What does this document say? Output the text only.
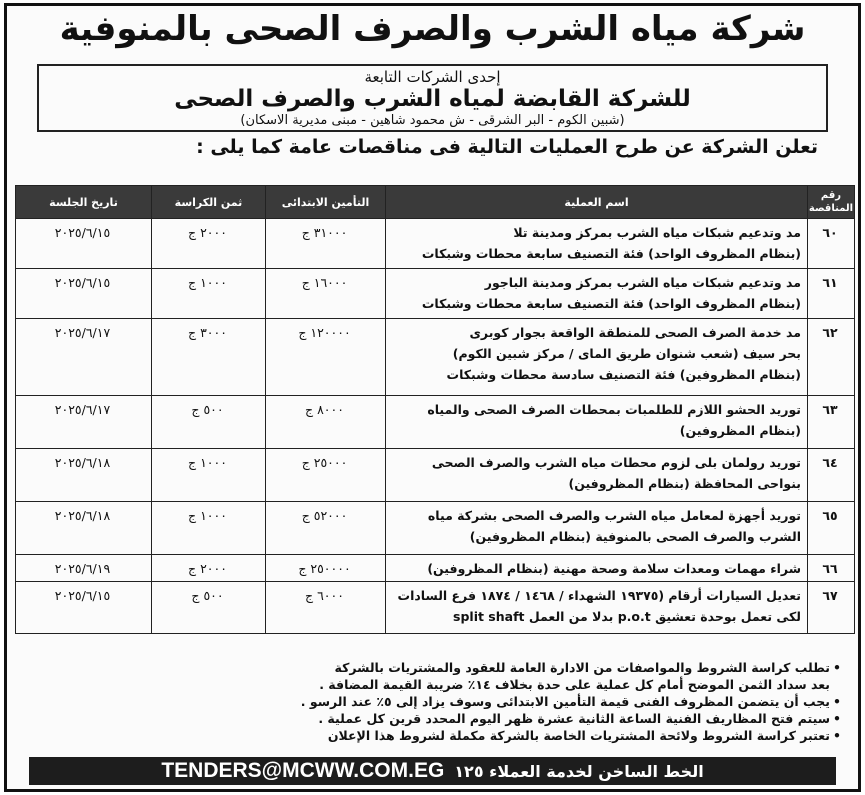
شركة مياه الشرب والصرف الصحى بالمنوفية
إحدى الشركات التابعة
للشركة القابضة لمياه الشرب والصرف الصحى
(شبين الكوم - البر الشرقى - ش محمود شاهين - مبنى مديرية الاسكان)
تعلن الشركة عن طرح العمليات التالية فى مناقصات عامة كما يلى :
رقم المناقصة	اسم العملية	التأمين الابتدائى	ثمن الكراسة	تاريخ الجلسة
٦٠	مد وتدعيم شبكات مياه الشرب بمركز ومدينة تلا
(بنظام المظروف الواحد) فئة التصنيف سابعة محطات وشبكات	٣١٠٠٠ ج	٢٠٠٠ ج	٢٠٢٥/٦/١٥
٦١	مد وتدعيم شبكات مياه الشرب بمركز ومدينة الباجور
(بنظام المظروف الواحد) فئة التصنيف سابعة محطات وشبكات	١٦٠٠٠ ج	١٠٠٠ ج	٢٠٢٥/٦/١٥
٦٢	مد خدمة الصرف الصحى للمنطقة الواقعة بجوار كوبرى
بحر سيف (شعب شنوان طريق الماى / مركز شبين الكوم)
(بنظام المظروفين) فئة التصنيف سادسة محطات وشبكات	١٢٠٠٠٠ ج	٣٠٠٠ ج	٢٠٢٥/٦/١٧
٦٣	توريد الحشو اللازم للطلمبات بمحطات الصرف الصحى والمياه
(بنظام المظروفين)	٨٠٠٠ ج	٥٠٠ ج	٢٠٢٥/٦/١٧
٦٤	توريد رولمان بلى لزوم محطات مياه الشرب والصرف الصحى
بنواحى المحافظة (بنظام المظروفين)	٢٥٠٠٠ ج	١٠٠٠ ج	٢٠٢٥/٦/١٨
٦٥	توريد أجهزة لمعامل مياه الشرب والصرف الصحى بشركة مياه
الشرب والصرف الصحى بالمنوفية (بنظام المظروفين)	٥٢٠٠٠ ج	١٠٠٠ ج	٢٠٢٥/٦/١٨
٦٦	شراء مهمات ومعدات سلامة وصحة مهنية (بنظام المظروفين)	٢٥٠٠٠٠ ج	٢٠٠٠ ج	٢٠٢٥/٦/١٩
٦٧	تعديل السيارات أرقام (١٩٣٧٥ الشهداء / ١٤٦٨ / ١٨٧٤ فرع السادات
لكى تعمل بوحدة تعشيق p.o.t بدلا من العمل split shaft	٦٠٠٠ ج	٥٠٠ ج	٢٠٢٥/٦/١٥
•تطلب كراسة الشروط والمواصفات من الادارة العامة للعقود والمشتريات بالشركة
بعد سداد الثمن الموضح أمام كل عملية على حدة بخلاف ١٤٪ ضريبة القيمة المضافة .
•يجب أن يتضمن المظروف الفنى قيمة التأمين الابتدائى وسوف يزاد إلى ٥٪ عند الرسو .
•سيتم فتح المظاريف الفنية الساعة الثانية عشرة ظهر اليوم المحدد قرين كل عملية .
•تعتبر كراسة الشروط ولائحة المشتريات الخاصة بالشركة مكملة لشروط هذا الإعلان
الخط الساخن لخدمة العملاء ١٢٥
TENDERS@MCWW.COM.EG
